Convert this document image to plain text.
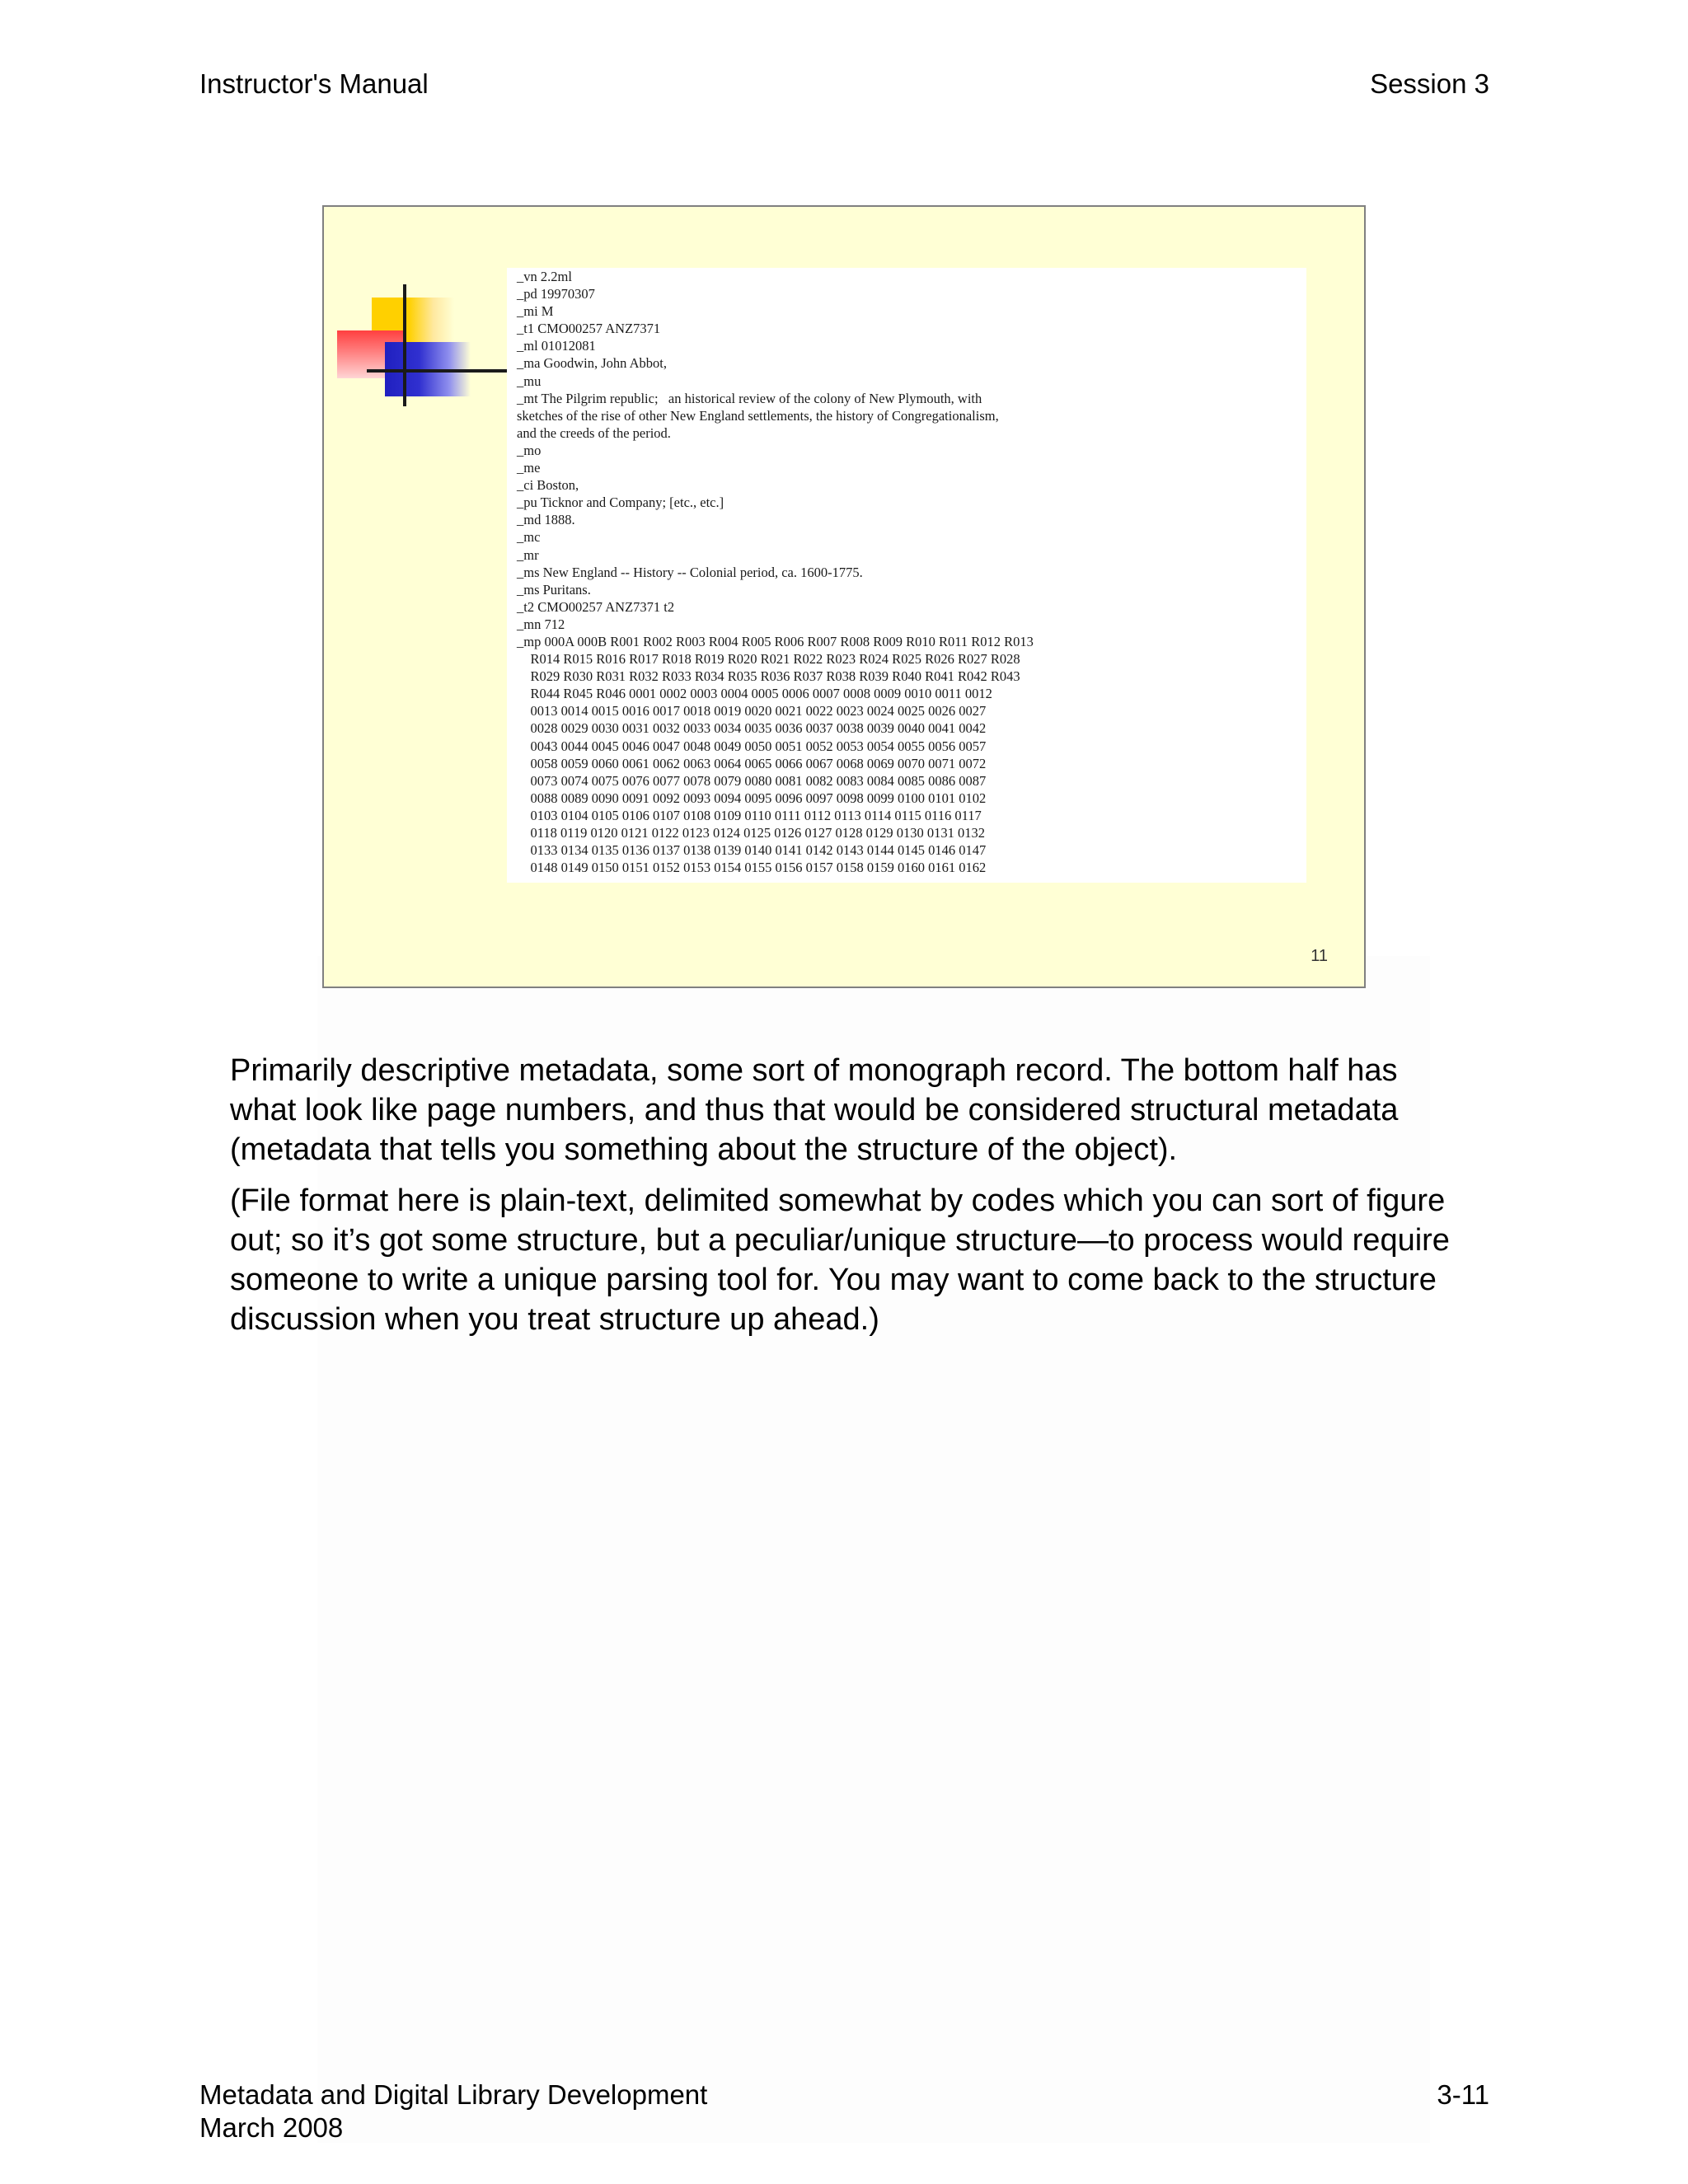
Instructor's Manual	Session 3
_vn 2.2ml
_pd 19970307
_mi M
_t1 CMO00257 ANZ7371
_ml 01012081
_ma Goodwin, John Abbot,
_mu
_mt The Pilgrim republic;   an historical review of the colony of New Plymouth, with
sketches of the rise of other New England settlements, the history of Congregationalism,
and the creeds of the period.
_mo
_me
_ci Boston,
_pu Ticknor and Company; [etc., etc.]
_md 1888.
_mc
_mr
_ms New England -- History -- Colonial period, ca. 1600-1775.
_ms Puritans.
_t2 CMO00257 ANZ7371 t2
_mn 712
_mp 000A 000B R001 R002 R003 R004 R005 R006 R007 R008 R009 R010 R011 R012 R013
R014 R015 R016 R017 R018 R019 R020 R021 R022 R023 R024 R025 R026 R027 R028
R029 R030 R031 R032 R033 R034 R035 R036 R037 R038 R039 R040 R041 R042 R043
R044 R045 R046 0001 0002 0003 0004 0005 0006 0007 0008 0009 0010 0011 0012
0013 0014 0015 0016 0017 0018 0019 0020 0021 0022 0023 0024 0025 0026 0027
0028 0029 0030 0031 0032 0033 0034 0035 0036 0037 0038 0039 0040 0041 0042
0043 0044 0045 0046 0047 0048 0049 0050 0051 0052 0053 0054 0055 0056 0057
0058 0059 0060 0061 0062 0063 0064 0065 0066 0067 0068 0069 0070 0071 0072
0073 0074 0075 0076 0077 0078 0079 0080 0081 0082 0083 0084 0085 0086 0087
0088 0089 0090 0091 0092 0093 0094 0095 0096 0097 0098 0099 0100 0101 0102
0103 0104 0105 0106 0107 0108 0109 0110 0111 0112 0113 0114 0115 0116 0117
0118 0119 0120 0121 0122 0123 0124 0125 0126 0127 0128 0129 0130 0131 0132
0133 0134 0135 0136 0137 0138 0139 0140 0141 0142 0143 0144 0145 0146 0147
0148 0149 0150 0151 0152 0153 0154 0155 0156 0157 0158 0159 0160 0161 0162
11

Primarily descriptive metadata, some sort of monograph record. The bottom half has what look like page numbers, and thus that would be considered structural metadata (metadata that tells you something about the structure of the object).

(File format here is plain-text, delimited somewhat by codes which you can sort of figure out; so it’s got some structure, but a peculiar/unique structure—to process would require someone to write a unique parsing tool for. You may want to come back to the structure discussion when you treat structure up ahead.)

Metadata and Digital Library Development
March 2008
3-11
